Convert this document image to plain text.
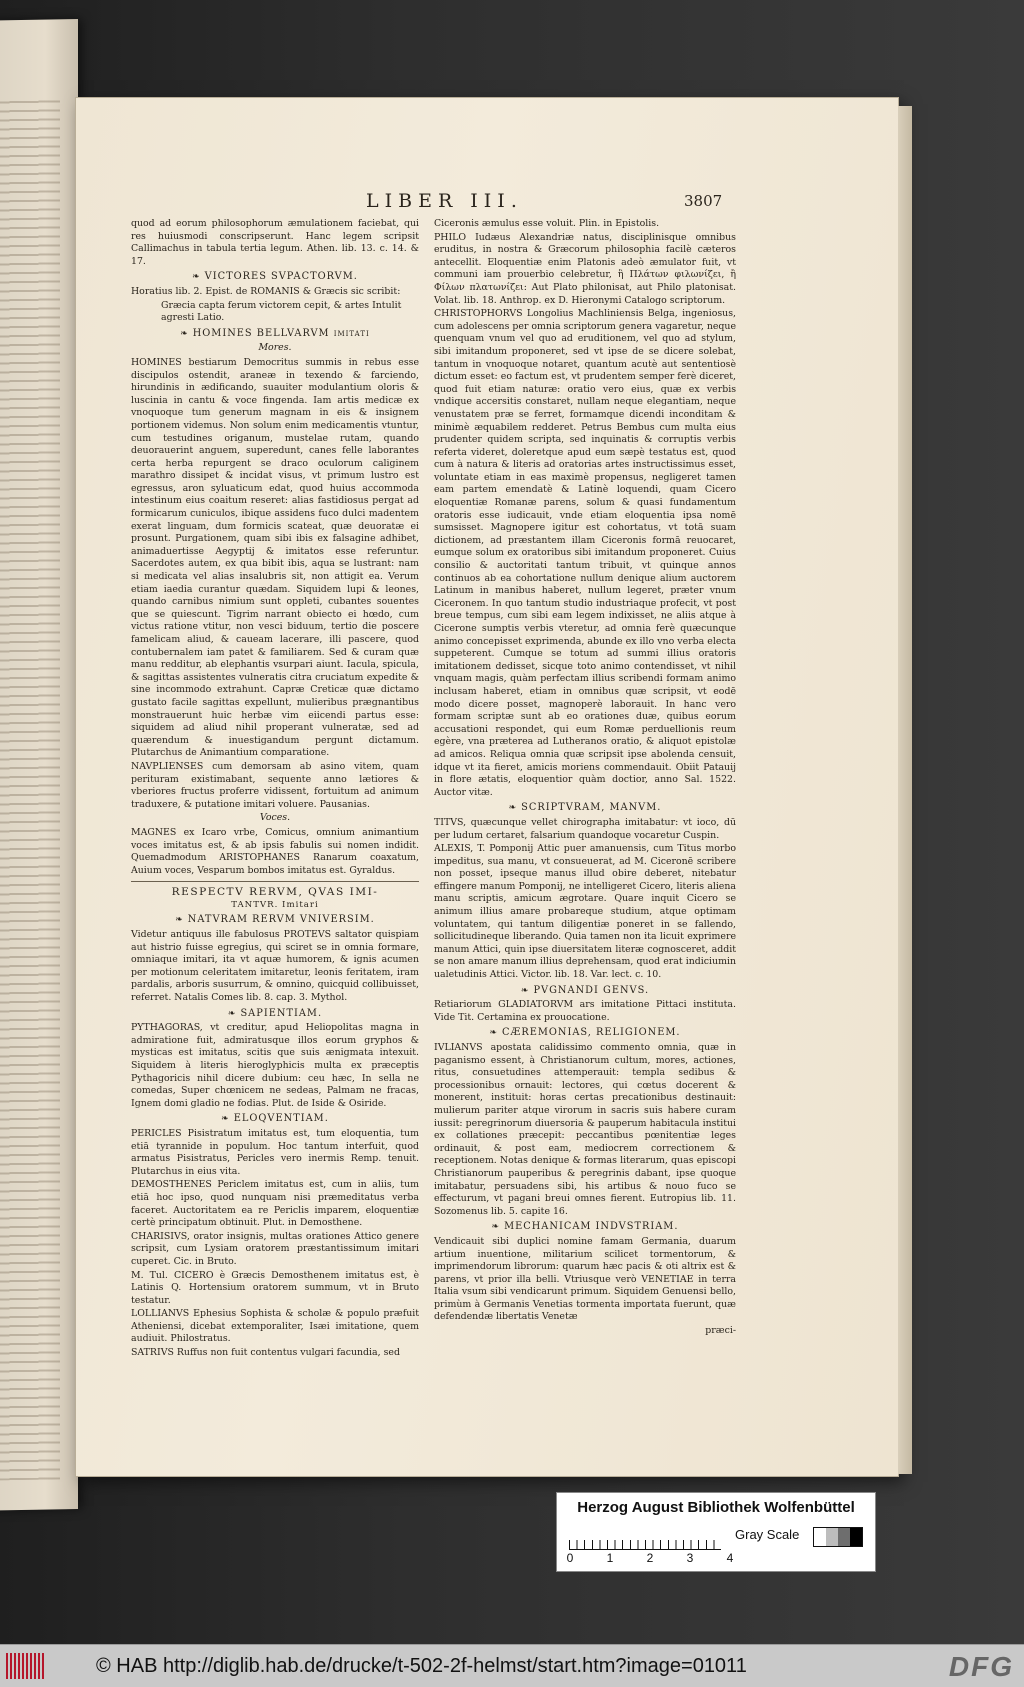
LIBER III.	3807

quod ad eorum philosophorum æmulationem faciebat, qui res huiusmodi conscripserunt. Hanc legem scripsit Callimachus in tabula tertia legum. Athen. lib. 13. c. 14. & 17.

❧ VICTORES SVPACTORVM.

Horatius lib. 2. Epist. de ROMANIS & Græcis sic scribit:

Græcia capta ferum victorem cepit, & artes Intulit agresti Latio.
❧ HOMINES BELLVARVM imitati
Mores.

HOMINES bestiarum Democritus summis in rebus esse discipulos ostendit, araneæ in texendo & farciendo, hirundinis in ædificando, suauiter modulantium oloris & luscinia in cantu & voce fingenda. Iam artis medicæ ex vnoquoque tum generum magnam in eis & insignem portionem videmus. Non solum enim medicamentis vtuntur, cum testudines origanum, mustelae rutam, quando deuorauerint anguem, superedunt, canes felle laborantes certa herba repurgent se draco oculorum caliginem marathro dissipet & incidat visus, vt primum lustro est egressus, aron syluaticum edat, quod huius accommoda intestinum eius coaitum reseret: alias fastidiosus pergat ad formicarum cuniculos, ibique assidens fuco dulci madentem exerat linguam, dum formicis scateat, quæ deuoratæ ei prosunt. Purgationem, quam sibi ibis ex falsagine adhibet, animaduertisse Aegyptij & imitatos esse referuntur. Sacerdotes autem, ex qua bibit ibis, aqua se lustrant: nam si medicata vel alias insalubris sit, non attigit ea. Verum etiam iaedia curantur quædam. Siquidem lupi & leones, quando carnibus nimium sunt oppleti, cubantes souentes que se quiescunt. Tigrim narrant obiecto ei hœdo, cum victus ratione vtitur, non vesci biduum, tertio die poscere famelicam aliud, & caueam lacerare, illi pascere, quod contubernalem iam patet & familiarem. Sed & curam quæ manu redditur, ab elephantis vsurpari aiunt. Iacula, spicula, & sagittas assistentes vulneratis citra cruciatum expedite & sine incommodo extrahunt. Capræ Creticæ quæ dictamo gustato facile sagittas expellunt, mulieribus prægnantibus monstrauerunt huic herbæ vim eiicendi partus esse: siquidem ad aliud nihil properant vulneratæ, sed ad quærendum & inuestigandum pergunt dictamum. Plutarchus de Animantium comparatione.

NAVPLIENSES cum demorsam ab asino vitem, quam perituram existimabant, sequente anno lætiores & vberiores fructus proferre vidissent, fortuitum ad animum traduxere, & putatione imitari voluere. Pausanias.

Voces.

MAGNES ex Icaro vrbe, Comicus, omnium animantium voces imitatus est, & ab ipsis fabulis sui nomen indidit. Quemadmodum ARISTOPHANES Ranarum coaxatum, Auium voces, Vesparum bombos imitatus est. Gyraldus.

RESPECTV RERVM, QVAS IMI-
TANTVR. Imitari
❧ NATVRAM RERVM VNIVERSIM.

Videtur antiquus ille fabulosus PROTEVS saltator quispiam aut histrio fuisse egregius, qui sciret se in omnia formare, omniaque imitari, ita vt aquæ humorem, & ignis acumen per motionum celeritatem imitaretur, leonis feritatem, iram pardalis, arboris susurrum, & omnino, quicquid collibuisset, referret. Natalis Comes lib. 8. cap. 3. Mythol.

❧ SAPIENTIAM.

PYTHAGORAS, vt creditur, apud Heliopolitas magna in admiratione fuit, admiratusque illos eorum gryphos & mysticas est imitatus, scitis que suis ænigmata intexuit. Siquidem à literis hieroglyphicis multa ex præceptis Pythagoricis nihil dicere dubium: ceu hæc, In sella ne comedas, Super chœnicem ne sedeas, Palmam ne fracas, Ignem domi gladio ne fodias. Plut. de Iside & Osiride.

❧ ELOQVENTIAM.

PERICLES Pisistratum imitatus est, tum eloquentia, tum etiā tyrannide in populum. Hoc tantum interfuit, quod armatus Pisistratus, Pericles vero inermis Remp. tenuit. Plutarchus in eius vita.

DEMOSTHENES Periclem imitatus est, cum in aliis, tum etiā hoc ipso, quod nunquam nisi præmeditatus verba faceret. Auctoritatem ea re Periclis imparem, eloquentiæ certè principatum obtinuit. Plut. in Demosthene.

CHARISIVS, orator insignis, multas orationes Attico genere scripsit, cum Lysiam oratorem præstantissimum imitari cuperet. Cic. in Bruto.

M. Tul. CICERO è Græcis Demosthenem imitatus est, è Latinis Q. Hortensium oratorem summum, vt in Bruto testatur.

LOLLIANVS Ephesius Sophista & scholæ & populo præfuit Atheniensi, dicebat extemporaliter, Isæi imitatione, quem audiuit. Philostratus.

SATRIVS Ruffus non fuit contentus vulgari facundia, sed

Ciceronis æmulus esse voluit. Plin. in Epistolis.

PHILO Iudæus Alexandriæ natus, disciplinisque omnibus eruditus, in nostra & Græcorum philosophia facilè cæteros antecellit. Eloquentiæ enim Platonis adeò æmulator fuit, vt communi iam prouerbio celebretur, ἢ Πλάτων φιλωνίζει, ἢ Φίλων πλατωνίζει: Aut Plato philonisat, aut Philo platonisat. Volat. lib. 18. Anthrop. ex D. Hieronymi Catalogo scriptorum.

CHRISTOPHORVS Longolius Machliniensis Belga, ingeniosus, cum adolescens per omnia scriptorum genera vagaretur, neque quenquam vnum vel quo ad eruditionem, vel quo ad stylum, sibi imitandum proponeret, sed vt ipse de se dicere solebat, tantum in vnoquoque notaret, quantum acutè aut sententiosè dictum esset: eo factum est, vt prudentem semper ferè diceret, quod fuit etiam naturæ: oratio vero eius, quæ ex verbis vndique accersitis constaret, nullam neque elegantiam, neque venustatem præ se ferret, formamque dicendi inconditam & minimè æquabilem redderet. Petrus Bembus cum multa eius prudenter quidem scripta, sed inquinatis & corruptis verbis referta videret, doleretque apud eum sæpè testatus est, quod cum à natura & literis ad oratorias artes instructissimus esset, voluntate etiam in eas maximè propensus, negligeret tamen eam partem emendatè & Latinè loquendi, quam Cicero eloquentiæ Romanæ parens, solum & quasi fundamentum oratoris esse iudicauit, vnde etiam eloquentia ipsa nomē sumsisset. Magnopere igitur est cohortatus, vt totā suam dictionem, ad præstantem illam Ciceronis formā reuocaret, eumque solum ex oratoribus sibi imitandum proponeret. Cuius consilio & auctoritati tantum tribuit, vt quinque annos continuos ab ea cohortatione nullum denique alium auctorem Latinum in manibus haberet, nullum legeret, præter vnum Ciceronem. In quo tantum studio industriaque profecit, vt post breue tempus, cum sibi eam legem indixisset, ne aliis atque à Cicerone sumptis verbis vteretur, ad omnia ferè quæcunque animo concepisset exprimenda, abunde ex illo vno verba electa suppeterent. Cumque se totum ad summi illius oratoris imitationem dedisset, sicque toto animo contendisset, vt nihil vnquam magis, quàm perfectam illius scribendi formam animo inclusam haberet, etiam in omnibus quæ scripsit, vt eodē modo dicere posset, magnoperè laborauit. In hanc vero formam scriptæ sunt ab eo orationes duæ, quibus eorum accusationi respondet, qui eum Romæ perduellionis reum egère, vna præterea ad Lutheranos oratio, & aliquot epistolæ ad amicos. Reliqua omnia quæ scripsit ipse abolenda censuit, idque vt ita fieret, amicis moriens commendauit. Obiit Patauij in flore ætatis, eloquentior quàm doctior, anno Sal. 1522. Auctor vitæ.

❧ SCRIPTVRAM, MANVM.

TITVS, quæcunque vellet chirographa imitabatur: vt ioco, dū per ludum certaret, falsarium quandoque vocaretur Cuspin.

ALEXIS, T. Pomponij Attic puer amanuensis, cum Titus morbo impeditus, sua manu, vt consueuerat, ad M. Ciceronē scribere non posset, ipseque manus illud obire deberet, nitebatur effingere manum Pomponij, ne intelligeret Cicero, literis aliena manu scriptis, amicum ægrotare. Quare inquit Cicero se animum illius amare probareque studium, atque optimam voluntatem, qui tantum diligentiæ poneret in se fallendo, sollicitudineque liberando. Quia tamen non ita licuit exprimere manum Attici, quin ipse diuersitatem literæ cognosceret, addit se non amare manum illius deprehensam, quod erat indiciumin ualetudinis Attici. Victor. lib. 18. Var. lect. c. 10.

❧ PVGNANDI GENVS.

Retiariorum GLADIATORVM ars imitatione Pittaci instituta. Vide Tit. Certamina ex prouocatione.

❧ CÆREMONIAS, RELIGIONEM.

IVLIANVS apostata calidissimo commento omnia, quæ in paganismo essent, à Christianorum cultum, mores, actiones, ritus, consuetudines attemperauit: templa sedibus & processionibus ornauit: lectores, qui cœtus docerent & monerent, instituit: horas certas precationibus destinauit: mulierum pariter atque virorum in sacris suis habere curam iussit: peregrinorum diuersoria & pauperum habitacula institui ex collationes præcepit: peccantibus pœnitentiæ leges ordinauit, & post eam, mediocrem correctionem & receptionem. Notas denique & formas literarum, quas episcopi Christianorum pauperibus & peregrinis dabant, ipse quoque imitabatur, persuadens sibi, his artibus & nouo fuco se effecturum, vt pagani breui omnes fierent. Eutropius lib. 11. Sozomenus lib. 5. capite 16.

❧ MECHANICAM INDVSTRIAM.

Vendicauit sibi duplici nomine famam Germania, duarum artium inuentione, militarium scilicet tormentorum, & imprimendorum librorum: quarum hæc pacis & oti altrix est & parens, vt prior illa belli. Vtriusque verò VENETIAE in terra Italia vsum sibi vendicarunt primum. Siquidem Genuensi bello, primùm à Germanis Venetias tormenta importata fuerunt, quæ defendendæ libertatis Venetæ

præci-
Herzog August Bibliothek Wolfenbüttel
0	1	2	3	4
Gray Scale
© HAB http://diglib.hab.de/drucke/t-502-2f-helmst/start.htm?image=01011	DFG
